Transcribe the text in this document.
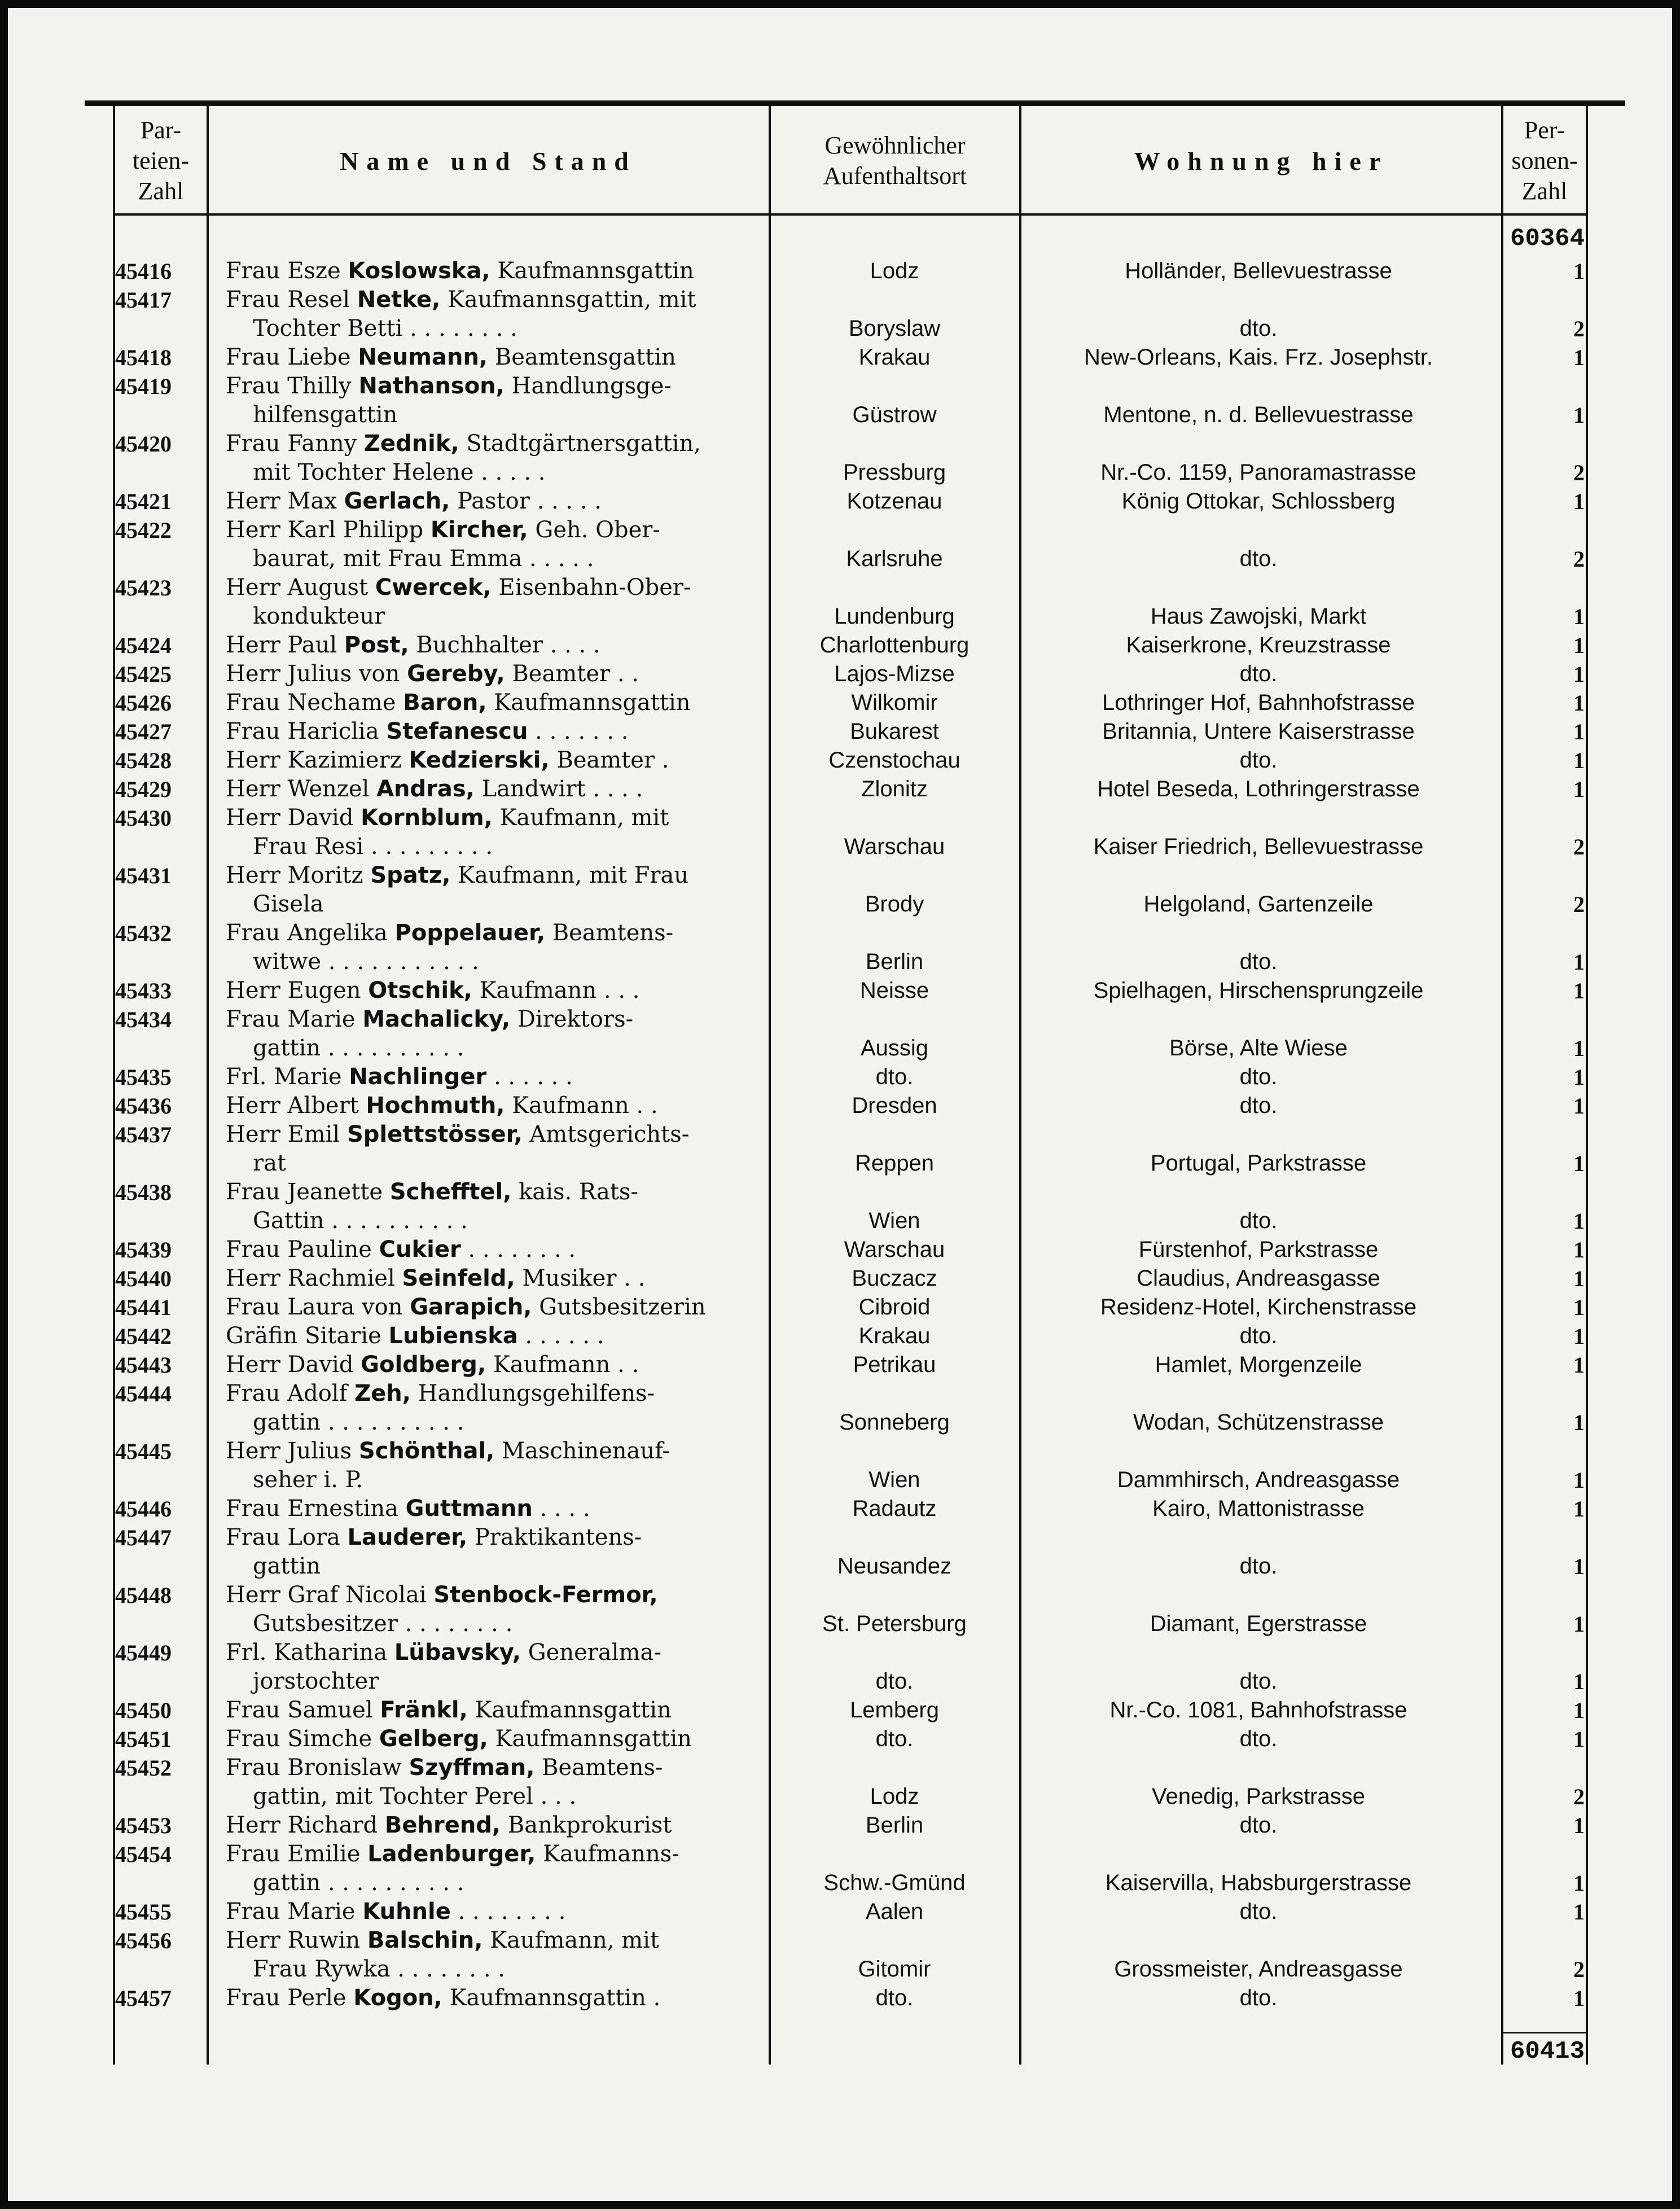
Par-
teien-
Zahl
Name und Stand
Gewöhnlicher
Aufenthaltsort
Wohnung hier
Per-
sonen-
Zahl
60364
45416	Frau Esze Koslowska, Kaufmannsgattin	Lodz	Holländer, Bellevuestrasse	1
45417	Frau Resel Netke, Kaufmannsgattin, mit
Tochter Betti . . . . . . . .	Boryslaw	dto.	2
45418	Frau Liebe Neumann, Beamtensgattin	Krakau	New-Orleans, Kais. Frz. Josephstr.	1
45419	Frau Thilly Nathanson, Handlungsge-
hilfensgattin	Güstrow	Mentone, n. d. Bellevuestrasse	1
45420	Frau Fanny Zednik, Stadtgärtnersgattin,
mit Tochter Helene . . . . .	Pressburg	Nr.-Co. 1159, Panoramastrasse	2
45421	Herr Max Gerlach, Pastor . . . . .	Kotzenau	König Ottokar, Schlossberg	1
45422	Herr Karl Philipp Kircher, Geh. Ober-
baurat, mit Frau Emma . . . . .	Karlsruhe	dto.	2
45423	Herr August Cwercek, Eisenbahn-Ober-
kondukteur	Lundenburg	Haus Zawojski, Markt	1
45424	Herr Paul Post, Buchhalter . . . .	Charlottenburg	Kaiserkrone, Kreuzstrasse	1
45425	Herr Julius von Gereby, Beamter . .	Lajos-Mizse	dto.	1
45426	Frau Nechame Baron, Kaufmannsgattin	Wilkomir	Lothringer Hof, Bahnhofstrasse	1
45427	Frau Hariclia Stefanescu . . . . . . .	Bukarest	Britannia, Untere Kaiserstrasse	1
45428	Herr Kazimierz Kedzierski, Beamter .	Czenstochau	dto.	1
45429	Herr Wenzel Andras, Landwirt . . . .	Zlonitz	Hotel Beseda, Lothringerstrasse	1
45430	Herr David Kornblum, Kaufmann, mit
Frau Resi . . . . . . . . .	Warschau	Kaiser Friedrich, Bellevuestrasse	2
45431	Herr Moritz Spatz, Kaufmann, mit Frau
Gisela	Brody	Helgoland, Gartenzeile	2
45432	Frau Angelika Poppelauer, Beamtens-
witwe . . . . . . . . . . .	Berlin	dto.	1
45433	Herr Eugen Otschik, Kaufmann . . .	Neisse	Spielhagen, Hirschensprungzeile	1
45434	Frau Marie Machalicky, Direktors-
gattin . . . . . . . . . .	Aussig	Börse, Alte Wiese	1
45435	Frl. Marie Nachlinger . . . . . .	dto.	dto.	1
45436	Herr Albert Hochmuth, Kaufmann . .	Dresden	dto.	1
45437	Herr Emil Splettstösser, Amtsgerichts-
rat	Reppen	Portugal, Parkstrasse	1
45438	Frau Jeanette Schefftel, kais. Rats-
Gattin . . . . . . . . . .	Wien	dto.	1
45439	Frau Pauline Cukier . . . . . . . .	Warschau	Fürstenhof, Parkstrasse	1
45440	Herr Rachmiel Seinfeld, Musiker . .	Buczacz	Claudius, Andreasgasse	1
45441	Frau Laura von Garapich, Gutsbesitzerin	Cibroid	Residenz-Hotel, Kirchenstrasse	1
45442	Gräfin Sitarie Lubienska . . . . . .	Krakau	dto.	1
45443	Herr David Goldberg, Kaufmann . .	Petrikau	Hamlet, Morgenzeile	1
45444	Frau Adolf Zeh, Handlungsgehilfens-
gattin . . . . . . . . . .	Sonneberg	Wodan, Schützenstrasse	1
45445	Herr Julius Schönthal, Maschinenauf-
seher i. P.	Wien	Dammhirsch, Andreasgasse	1
45446	Frau Ernestina Guttmann . . . .	Radautz	Kairo, Mattonistrasse	1
45447	Frau Lora Lauderer, Praktikantens-
gattin	Neusandez	dto.	1
45448	Herr Graf Nicolai Stenbock-Fermor,
Gutsbesitzer . . . . . . . .	St. Petersburg	Diamant, Egerstrasse	1
45449	Frl. Katharina Lübavsky, Generalma-
jorstochter	dto.	dto.	1
45450	Frau Samuel Fränkl, Kaufmannsgattin	Lemberg	Nr.-Co. 1081, Bahnhofstrasse	1
45451	Frau Simche Gelberg, Kaufmannsgattin	dto.	dto.	1
45452	Frau Bronislaw Szyffman, Beamtens-
gattin, mit Tochter Perel . . .	Lodz	Venedig, Parkstrasse	2
45453	Herr Richard Behrend, Bankprokurist	Berlin	dto.	1
45454	Frau Emilie Ladenburger, Kaufmanns-
gattin . . . . . . . . . .	Schw.-Gmünd	Kaiservilla, Habsburgerstrasse	1
45455	Frau Marie Kuhnle . . . . . . . .	Aalen	dto.	1
45456	Herr Ruwin Balschin, Kaufmann, mit
Frau Rywka . . . . . . . .	Gitomir	Grossmeister, Andreasgasse	2
45457	Frau Perle Kogon, Kaufmannsgattin .	dto.	dto.	1
60413
